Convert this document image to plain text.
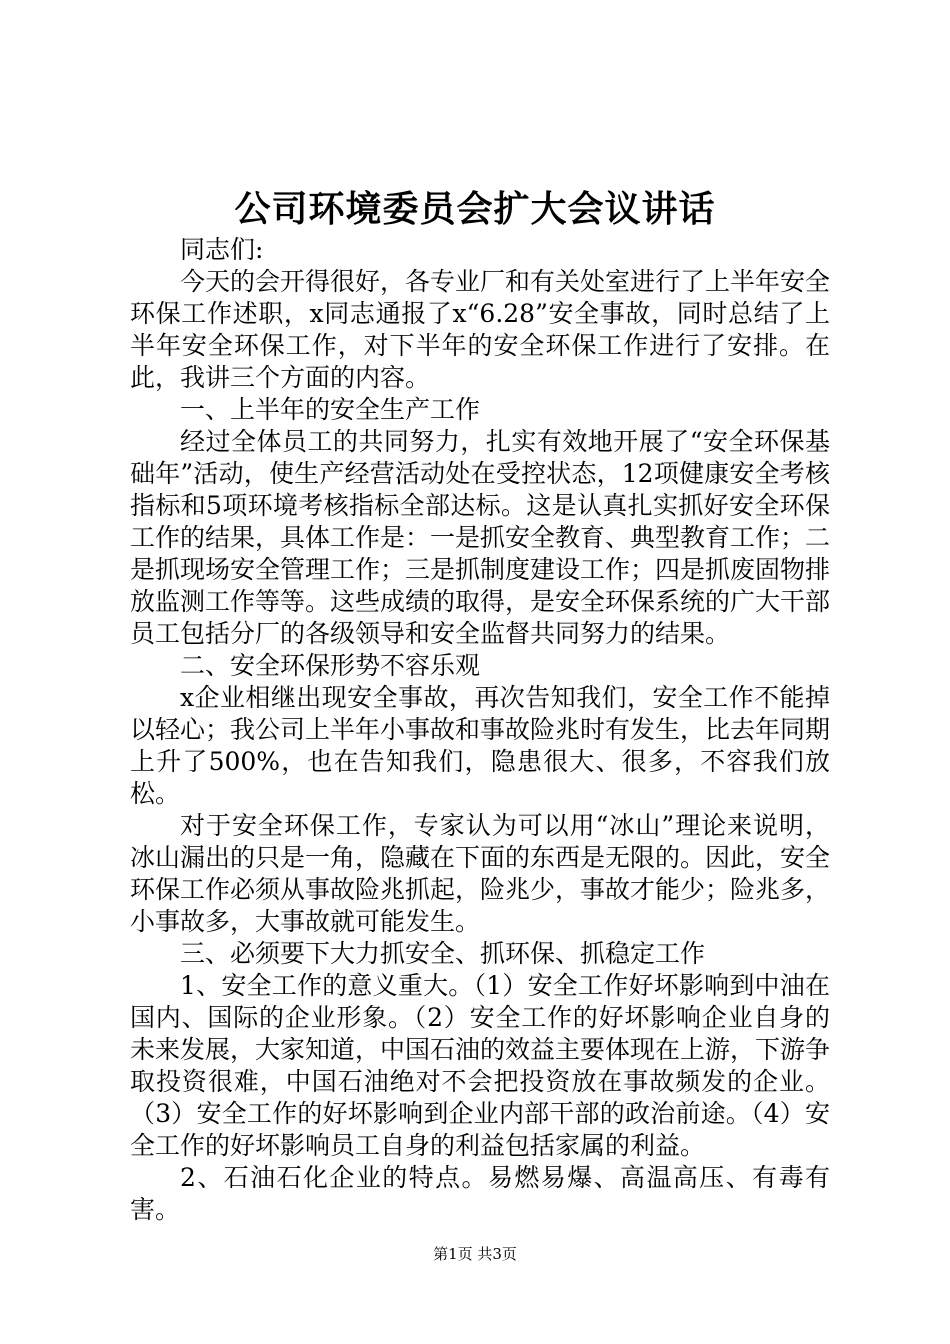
公司环境委员会扩大会议讲话

同志们:

今天的会开得很好，各专业厂和有关处室进行了上半年安全环保工作述职，x同志通报了x“6.28”安全事故，同时总结了上半年安全环保工作，对下半年的安全环保工作进行了安排。在此，我讲三个方面的内容。

一、上半年的安全生产工作

经过全体员工的共同努力，扎实有效地开展了“安全环保基础年”活动，使生产经营活动处在受控状态，12项健康安全考核指标和5项环境考核指标全部达标。这是认真扎实抓好安全环保工作的结果，具体工作是：一是抓安全教育、典型教育工作；二是抓现场安全管理工作；三是抓制度建设工作；四是抓废固物排放监测工作等等。这些成绩的取得，是安全环保系统的广大干部员工包括分厂的各级领导和安全监督共同努力的结果。

二、安全环保形势不容乐观

x企业相继出现安全事故，再次告知我们，安全工作不能掉以轻心；我公司上半年小事故和事故险兆时有发生，比去年同期上升了500%，也在告知我们，隐患很大、很多，不容我们放松。

对于安全环保工作，专家认为可以用“冰山”理论来说明，冰山漏出的只是一角，隐藏在下面的东西是无限的。因此，安全环保工作必须从事故险兆抓起，险兆少，事故才能少；险兆多，小事故多，大事故就可能发生。

三、必须要下大力抓安全、抓环保、抓稳定工作

1、安全工作的意义重大。（1）安全工作好坏影响到中油在国内、国际的企业形象。（2）安全工作的好坏影响企业自身的未来发展，大家知道，中国石油的效益主要体现在上游，下游争取投资很难，中国石油绝对不会把投资放在事故频发的企业。（3）安全工作的好坏影响到企业内部干部的政治前途。（4）安全工作的好坏影响员工自身的利益包括家属的利益。

2、石油石化企业的特点。易燃易爆、高温高压、有毒有害。

第1页 共3页
